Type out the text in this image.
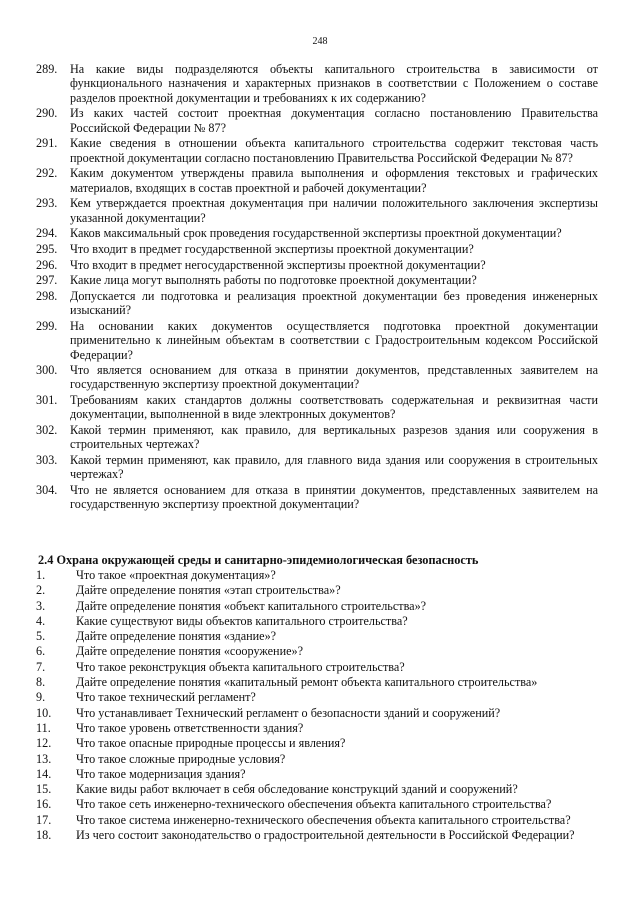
248
289.	На какие виды подразделяются объекты капитального строительства в зависимости от функционального назначения и характерных признаков в соответствии с Положением о составе разделов проектной документации и требованиях к их содержанию?
290.	Из каких частей состоит проектная документация согласно постановлению Правительства Российской Федерации № 87?
291.	Какие сведения в отношении объекта капитального строительства содержит текстовая часть проектной документации согласно постановлению Правительства Российской Федерации № 87?
292.	Каким документом утверждены правила выполнения и оформления текстовых и графических материалов, входящих в состав проектной и рабочей документации?
293.	Кем утверждается проектная документация при наличии положительного заключения экспертизы указанной документации?
294.	Каков максимальный срок проведения государственной экспертизы проектной документации?
295.	Что входит в предмет государственной экспертизы проектной документации?
296.	Что входит в предмет негосударственной экспертизы проектной документации?
297.	Какие лица могут выполнять работы по подготовке проектной документации?
298.	Допускается ли подготовка и реализация проектной документации без проведения инженерных изысканий?
299.	На основании каких документов осуществляется подготовка проектной документации применительно к линейным объектам в соответствии с Градостроительным кодексом Российской Федерации?
300.	Что является основанием для отказа в принятии документов, представленных заявителем на государственную экспертизу проектной документации?
301.	Требованиям каких стандартов должны соответствовать содержательная и реквизитная части документации, выполненной в виде электронных документов?
302.	Какой термин применяют, как правило, для вертикальных разрезов здания или сооружения в строительных чертежах?
303.	Какой термин применяют, как правило, для главного вида здания или сооружения в строительных чертежах?
304.	Что не является основанием для отказа в принятии документов, представленных заявителем на государственную экспертизу проектной документации?
2.4 Охрана окружающей среды и санитарно-эпидемиологическая безопасность
1.	Что такое «проектная документация»?
2.	Дайте определение понятия «этап строительства»?
3.	Дайте определение понятия «объект капитального строительства»?
4.	Какие существуют виды объектов капитального строительства?
5.	Дайте определение понятия «здание»?
6.	Дайте определение понятия «сооружение»?
7.	Что такое реконструкция объекта капитального строительства?
8.	Дайте определение понятия «капитальный ремонт объекта капитального строительства»
9.	Что такое технический регламент?
10.	Что устанавливает Технический регламент о безопасности зданий и сооружений?
11.	Что такое уровень ответственности здания?
12.	Что такое опасные природные процессы и явления?
13.	Что такое сложные природные условия?
14.	Что такое модернизация здания?
15.	Какие виды работ включает в себя обследование конструкций зданий и сооружений?
16.	Что такое сеть инженерно-технического обеспечения объекта капитального строительства?
17.	Что такое система инженерно-технического обеспечения объекта капитального строительства?
18.	Из чего состоит законодательство о градостроительной деятельности в Российской Федерации?
